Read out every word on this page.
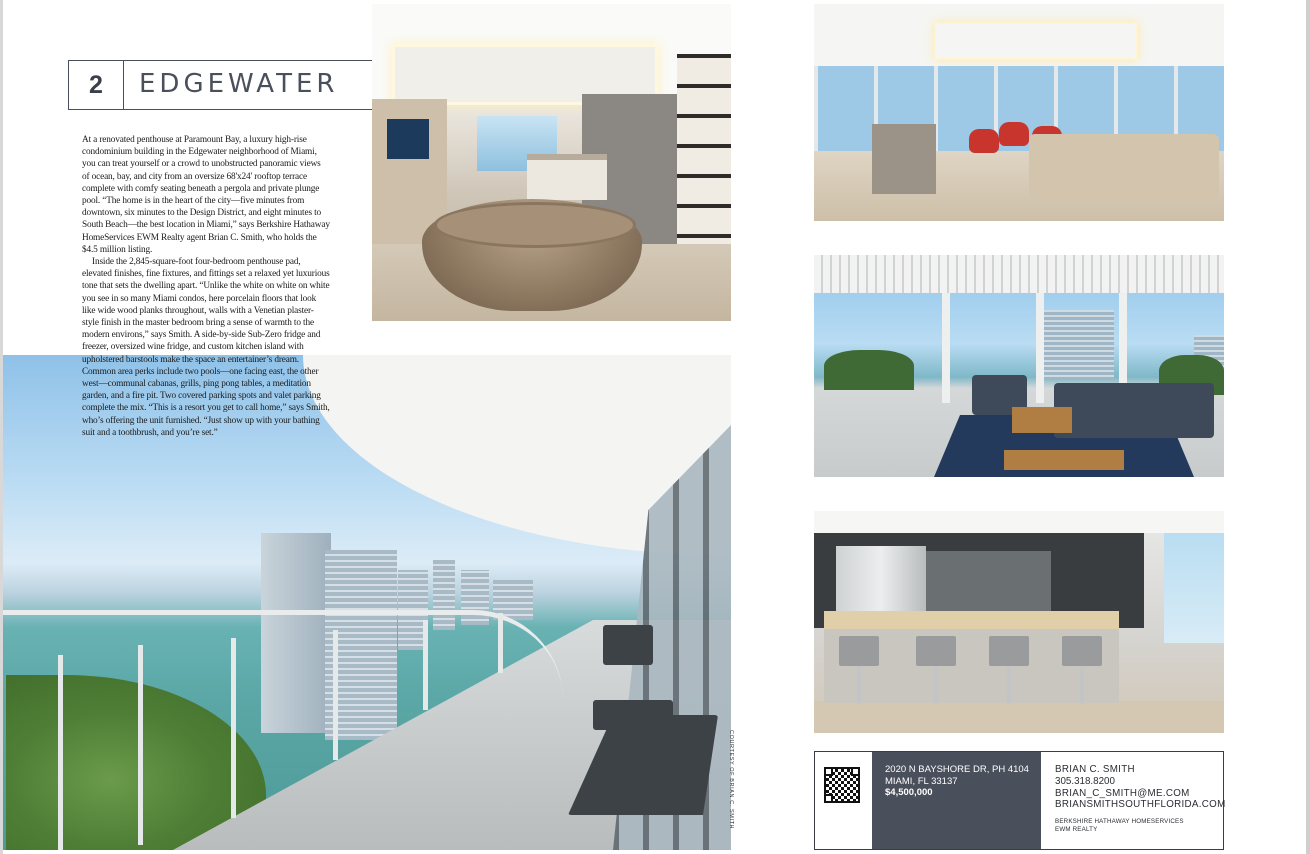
COURTESY OF BRIAN C. SMITH
2	EDGEWATER

At a renovated penthouse at Paramount Bay, a luxury high-rise condominium building in the Edgewater neighborhood of Miami, you can treat yourself or a crowd to unobstructed panoramic views of ocean, bay, and city from an oversize 68'x24' rooftop terrace complete with comfy seating beneath a pergola and private plunge pool. “The home is in the heart of the city—five minutes from downtown, six minutes to the Design District, and eight minutes to South Beach—the best location in Miami,” says Berkshire Hathaway HomeServices EWM Realty agent Brian C. Smith, who holds the $4.5 million listing.

Inside the 2,845-square-foot four-bedroom penthouse pad, elevated finishes, fine fixtures, and fittings set a relaxed yet luxurious tone that sets the dwelling apart. “Unlike the white on white on white you see in so many Miami condos, here porcelain floors that look like wide wood planks throughout, walls with a Venetian plaster-style finish in the master bedroom bring a sense of warmth to the modern environs,” says Smith. A side-by-side Sub-Zero fridge and freezer, oversized wine fridge, and custom kitchen island with upholstered barstools make the space an entertainer’s dream. Common area perks include two pools—one facing east, the other west—communal cabanas, grills, ping pong tables, a meditation garden, and a fire pit. Two covered parking spots and valet parking complete the mix. “This is a resort you get to call home,” says Smith, who’s offering the unit furnished. “Just show up with your bathing suit and a toothbrush, and you’re set.”

2020 N BAYSHORE DR, PH 4104
MIAMI, FL 33137
$4,500,000
BRIAN C. SMITH
305.318.8200
BRIAN_C_SMITH@ME.COM
BRIANSMITHSOUTHFLORIDA.COM
BERKSHIRE HATHAWAY HOMESERVICES
EWM REALTY
